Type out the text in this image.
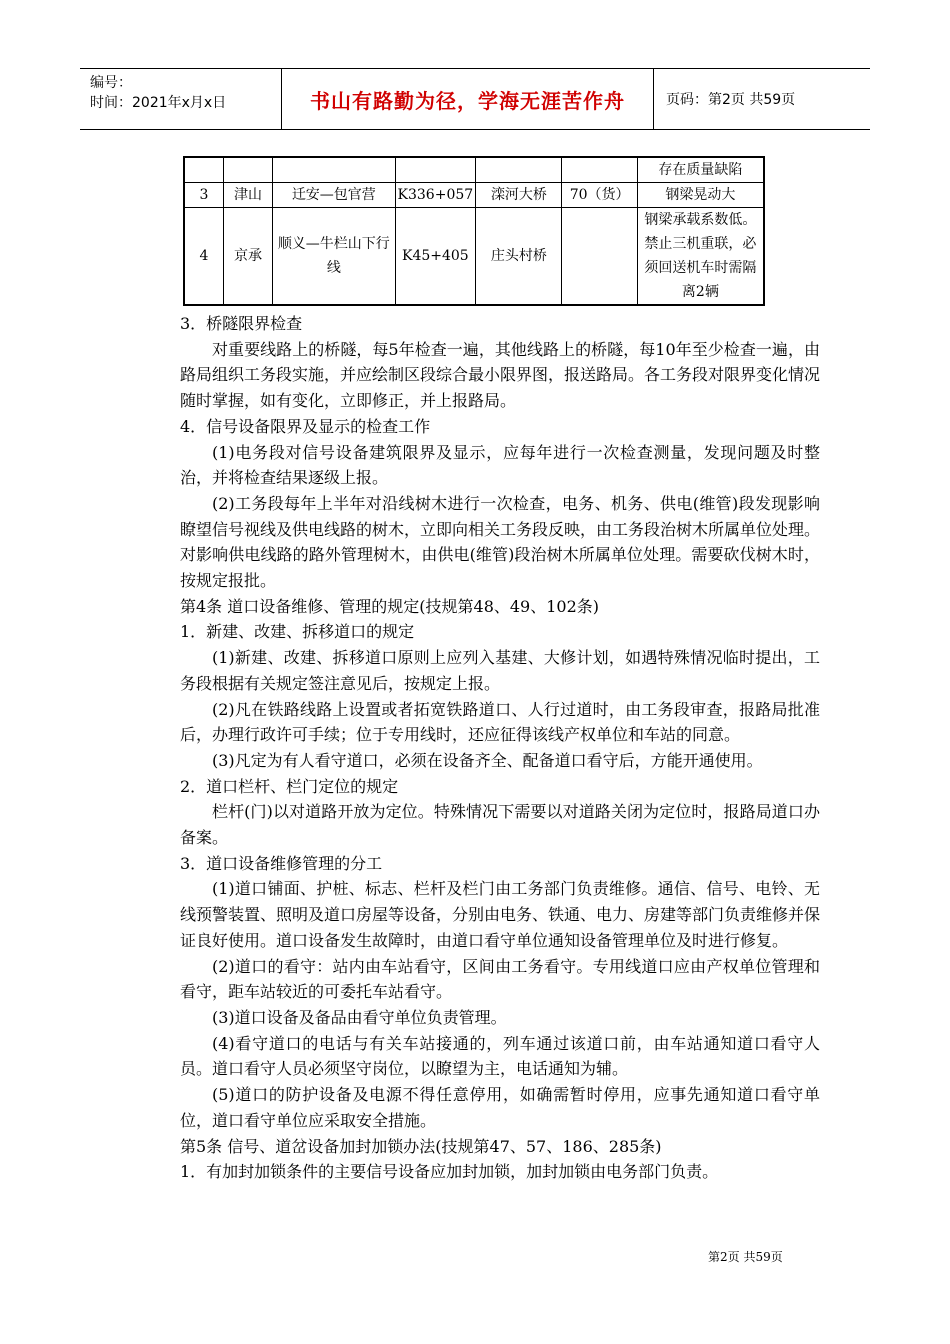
编号：
时间：2021年x月x日	书山有路勤为径，学海无涯苦作舟	页码：第2页 共59页
						存在质量缺陷
3	津山	迁安—包官营	K336+057	滦河大桥	70（货）	钢梁晃动大
4	京承	顺义—牛栏山下行线	K45+405	庄头村桥		钢梁承载系数低。禁止三机重联，必须回送机车时需隔离2辆

3．桥隧限界检查

对重要线路上的桥隧，每5年检查一遍，其他线路上的桥隧，每10年至少检查一遍，由路局组织工务段实施，并应绘制区段综合最小限界图，报送路局。各工务段对限界变化情况随时掌握，如有变化，立即修正，并上报路局。

4．信号设备限界及显示的检查工作

(1)电务段对信号设备建筑限界及显示，应每年进行一次检查测量，发现问题及时整治，并将检查结果逐级上报。

(2)工务段每年上半年对沿线树木进行一次检查，电务、机务、供电(维管)段发现影响瞭望信号视线及供电线路的树木，立即向相关工务段反映，由工务段治树木所属单位处理。对影响供电线路的路外管理树木，由供电(维管)段治树木所属单位处理。需要砍伐树木时，按规定报批。

第4条 道口设备维修、管理的规定(技规第48、49、102条)

1．新建、改建、拆移道口的规定

(1)新建、改建、拆移道口原则上应列入基建、大修计划，如遇特殊情况临时提出，工务段根据有关规定签注意见后，按规定上报。

(2)凡在铁路线路上设置或者拓宽铁路道口、人行过道时，由工务段审查，报路局批准后，办理行政许可手续；位于专用线时，还应征得该线产权单位和车站的同意。

(3)凡定为有人看守道口，必须在设备齐全、配备道口看守后，方能开通使用。

2．道口栏杆、栏门定位的规定

栏杆(门)以对道路开放为定位。特殊情况下需要以对道路关闭为定位时，报路局道口办备案。

3．道口设备维修管理的分工

(1)道口铺面、护桩、标志、栏杆及栏门由工务部门负责维修。通信、信号、电铃、无线预警装置、照明及道口房屋等设备，分别由电务、铁通、电力、房建等部门负责维修并保证良好使用。道口设备发生故障时，由道口看守单位通知设备管理单位及时进行修复。

(2)道口的看守：站内由车站看守，区间由工务看守。专用线道口应由产权单位管理和看守，距车站较近的可委托车站看守。

(3)道口设备及备品由看守单位负责管理。

(4)看守道口的电话与有关车站接通的，列车通过该道口前，由车站通知道口看守人员。道口看守人员必须坚守岗位，以瞭望为主，电话通知为辅。

(5)道口的防护设备及电源不得任意停用，如确需暂时停用，应事先通知道口看守单位，道口看守单位应采取安全措施。

第5条 信号、道岔设备加封加锁办法(技规第47、57、186、285条)

1．有加封加锁条件的主要信号设备应加封加锁，加封加锁由电务部门负责。

第2页 共59页
